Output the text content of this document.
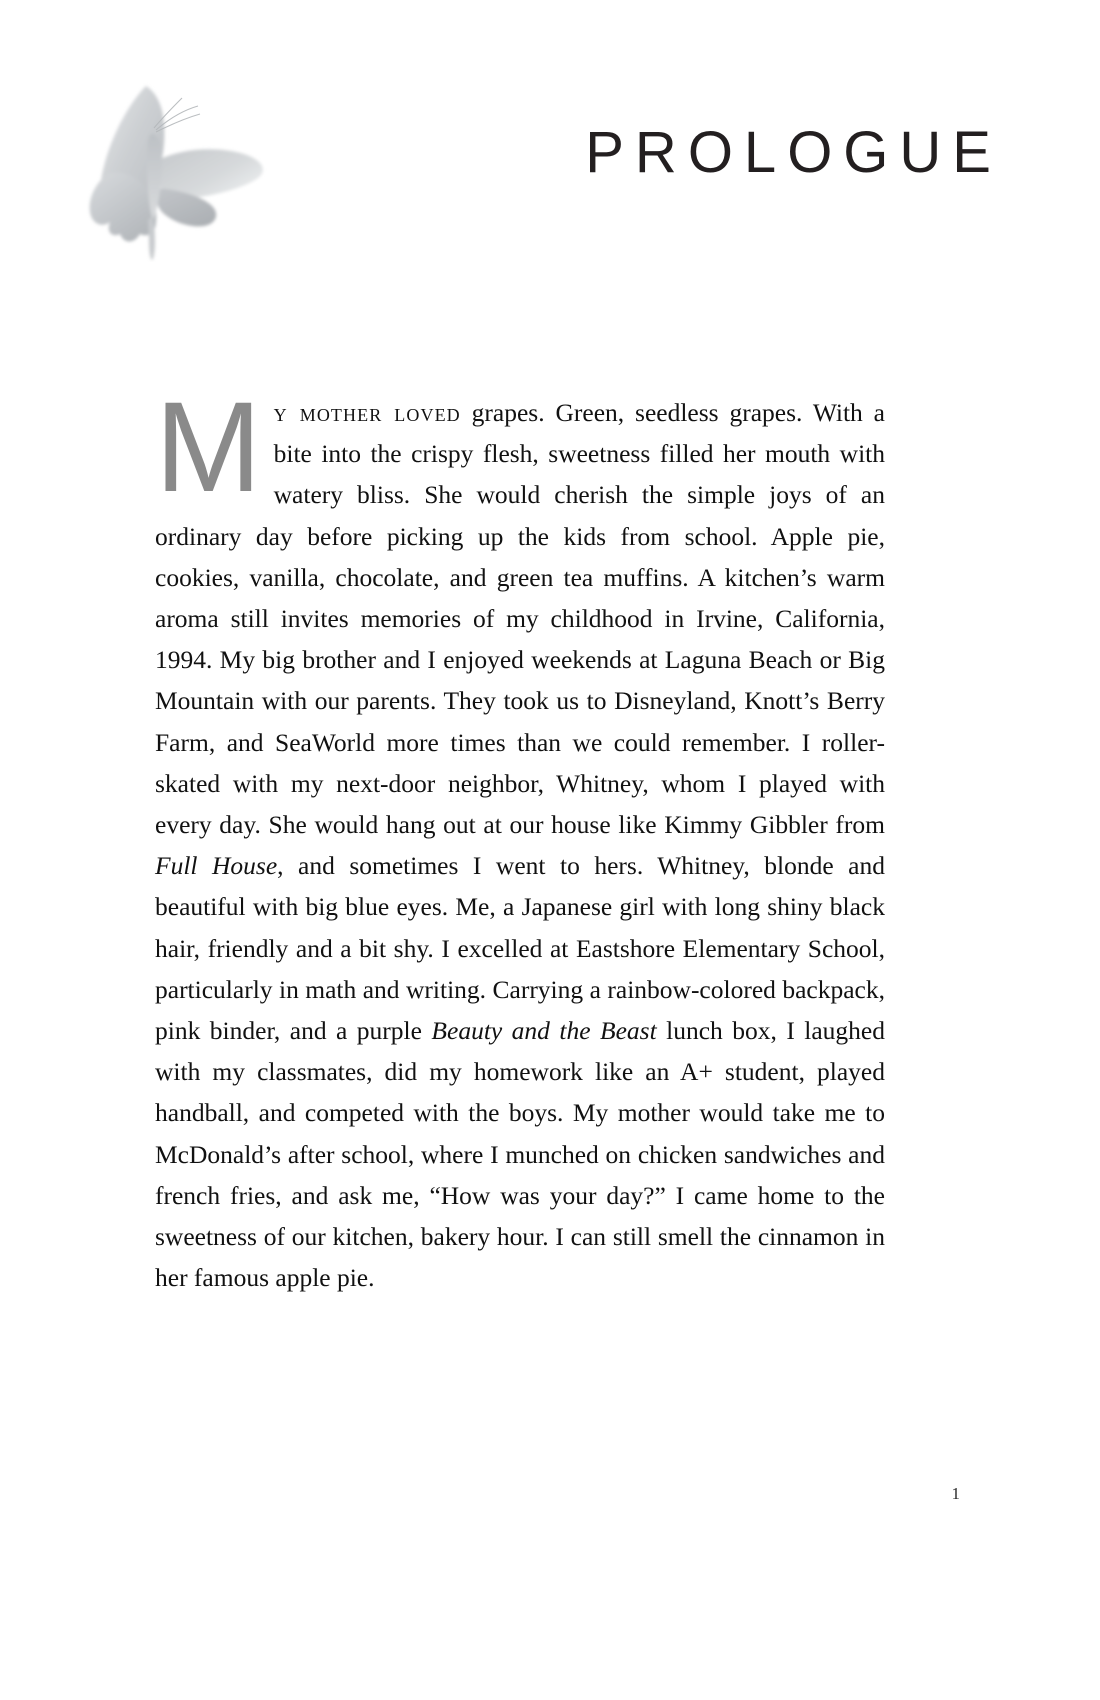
PROLOGUE

My mother loved grapes. Green, seedless grapes. With a bite into the crispy flesh, sweetness filled her mouth with watery bliss. She would cherish the simple joys of an ordinary day before picking up the kids from school. Apple pie, cookies, vanilla, chocolate, and green tea muffins. A kitchen’s warm aroma still invites memories of my childhood in Irvine, California, 1994. My big brother and I enjoyed weekends at Laguna Beach or Big Mountain with our parents. They took us to Disneyland, Knott’s Berry Farm, and SeaWorld more times than we could remember. I roller-skated with my next-door neighbor, Whitney, whom I played with every day. She would hang out at our house like Kimmy Gibbler from Full House, and sometimes I went to hers. Whitney, blonde and beautiful with big blue eyes. Me, a Japanese girl with long shiny black hair, friendly and a bit shy. I excelled at Eastshore Elementary School, particularly in math and writing. Carrying a rainbow-colored backpack, pink binder, and a purple Beauty and the Beast lunch box, I laughed with my classmates, did my homework like an A+ student, played handball, and competed with the boys. My mother would take me to McDonald’s after school, where I munched on chicken sandwiches and french fries, and ask me, “How was your day?” I came home to the sweetness of our kitchen, bakery hour. I can still smell the cinnamon in her famous apple pie.

1
